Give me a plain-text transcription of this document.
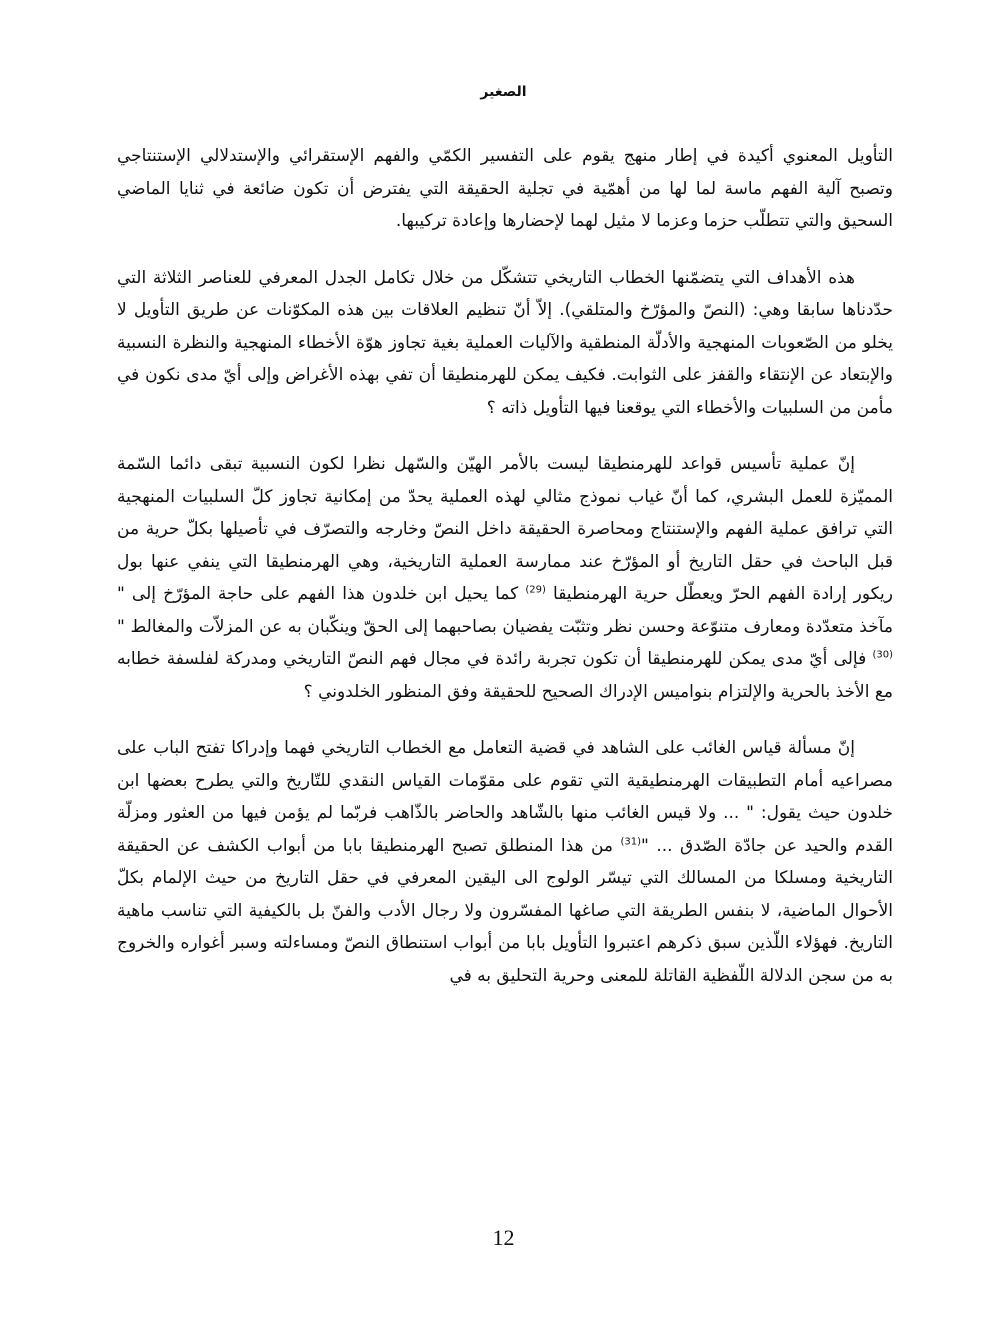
الصغير

التأويل المعنوي أكيدة في إطار منهج يقوم على التفسير الكمّي والفهم الإستقرائي والإستدلالي الإستنتاجي وتصبح آلية الفهم ماسة لما لها من أهمّية في تجلية الحقيقة التي يفترض أن تكون ضائعة في ثنايا الماضي السحيق والتي تتطلّب حزما وعزما لا مثيل لهما لإحضارها وإعادة تركيبها.

هذه الأهداف التي يتضمّنها الخطاب التاريخي تتشكّل من خلال تكامل الجدل المعرفي للعناصر الثلاثة التي حدّدناها سابقا وهي: (النصّ والمؤرّخ والمتلقي). إلاّ أنّ تنظيم العلاقات بين هذه المكوّنات عن طريق التأويل لا يخلو من الصّعوبات المنهجية والأدلّة المنطقية والآليات العملية بغية تجاوز هوّة الأخطاء المنهجية والنظرة النسبية والإبتعاد عن الإنتقاء والقفز على الثوابت. فكيف يمكن للهرمنطيقا أن تفي بهذه الأغراض وإلى أيّ مدى نكون في مأمن من السلبيات والأخطاء التي يوقعنا فيها التأويل ذاته ؟

إنّ عملية تأسيس قواعد للهرمنطيقا ليست بالأمر الهيّن والسّهل نظرا لكون النسبية تبقى دائما السّمة المميّزة للعمل البشري، كما أنّ غياب نموذج مثالي لهذه العملية يحدّ من إمكانية تجاوز كلّ السلبيات المنهجية التي ترافق عملية الفهم والإستنتاج ومحاصرة الحقيقة داخل النصّ وخارجه والتصرّف في تأصيلها بكلّ حرية من قبل الباحث في حقل التاريخ أو المؤرّخ عند ممارسة العملية التاريخية، وهي الهرمنطيقا التي ينفي عنها بول ريكور إرادة الفهم الحرّ ويعطّل حرية الهرمنطيقا $^{(29)}$ كما يحيل ابن خلدون هذا الفهم على حاجة المؤرّخ إلى " مآخذ متعدّدة ومعارف متنوّعة وحسن نظر وتثبّت يفضيان بصاحبهما إلى الحقّ وينكّبان به عن المزلاّت والمغالط " $^{(30)}$ فإلى أيّ مدى يمكن للهرمنطيقا أن تكون تجربة رائدة في مجال فهم النصّ التاريخي ومدركة لفلسفة خطابه مع الأخذ بالحرية والإلتزام بنواميس الإدراك الصحيح للحقيقة وفق المنظور الخلدوني ؟

إنّ مسألة قياس الغائب على الشاهد في قضية التعامل مع الخطاب التاريخي فهما وإدراكا تفتح الباب على مصراعيه أمام التطبيقات الهرمنطيقية التي تقوم على مقوّمات القياس النقدي للتّاريخ والتي يطرح بعضها ابن خلدون حيث يقول: " ... ولا قيس الغائب منها بالشّاهد والحاضر بالذّاهب فربّما لم يؤمن فيها من العثور ومزلّة القدم والحيد عن جادّة الصّدق ... "$^{(31)}$ من هذا المنطلق تصبح الهرمنطيقا بابا من أبواب الكشف عن الحقيقة التاريخية ومسلكا من المسالك التي تيسّر الولوج الى اليقين المعرفي في حقل التاريخ من حيث الإلمام بكلّ الأحوال الماضية، لا بنفس الطريقة التي صاغها المفسّرون ولا رجال الأدب والفنّ بل بالكيفية التي تناسب ماهية التاريخ. فهؤلاء اللّذين سبق ذكرهم اعتبروا التأويل بابا من أبواب استنطاق النصّ ومساءلته وسبر أغواره والخروج به من سجن الدلالة اللّفظية القاتلة للمعنى وحرية التحليق به في

12
